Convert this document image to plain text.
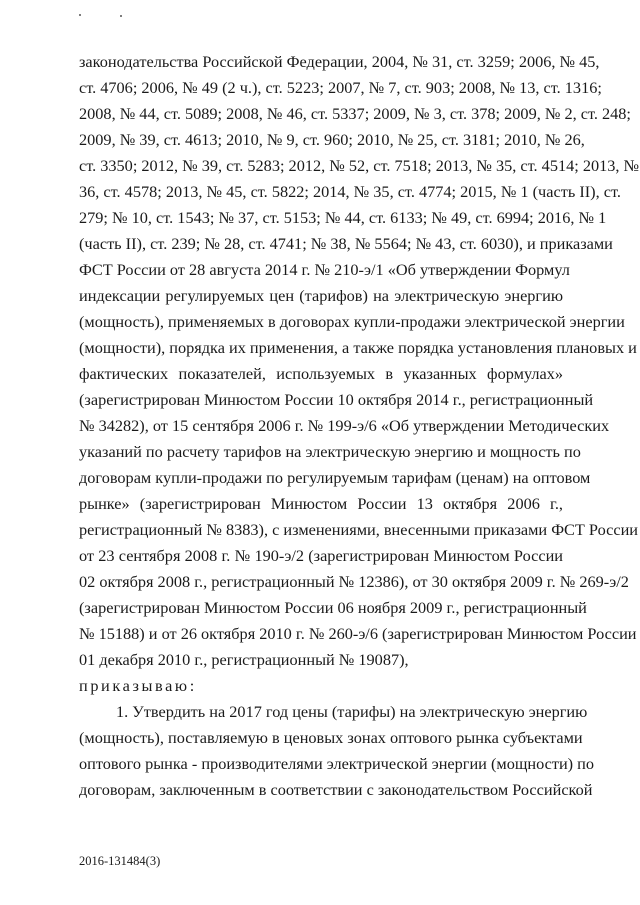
законодательства Российской Федерации, 2004, № 31, ст. 3259; 2006, № 45,
ст. 4706; 2006, № 49 (2 ч.), ст. 5223; 2007, № 7, ст. 903; 2008, № 13, ст. 1316;
2008, № 44, ст. 5089; 2008, № 46, ст. 5337; 2009, № 3, ст. 378; 2009, № 2, ст. 248;
2009, № 39, ст. 4613; 2010, № 9, ст. 960; 2010, № 25, ст. 3181; 2010, № 26,
ст. 3350; 2012, № 39, ст. 5283; 2012, № 52, ст. 7518; 2013, № 35, ст. 4514; 2013, №
36, ст. 4578; 2013, № 45, ст. 5822; 2014, № 35, ст. 4774; 2015, № 1 (часть II), ст.
279; № 10, ст. 1543; № 37, ст. 5153; № 44, ст. 6133; № 49, ст. 6994; 2016, № 1
(часть II), ст. 239; № 28, ст. 4741; № 38, № 5564; № 43, ст. 6030), и приказами
ФСТ России от 28 августа 2014 г. № 210-э/1 «Об утверждении Формул
индексации регулируемых цен (тарифов) на электрическую энергию
(мощность), применяемых в договорах купли-продажи электрической энергии
(мощности), порядка их применения, а также порядка установления плановых и
фактических показателей, используемых в указанных формулах»
(зарегистрирован Минюстом России 10 октября 2014 г., регистрационный
№ 34282), от 15 сентября 2006 г. № 199-э/6 «Об утверждении Методических
указаний по расчету тарифов на электрическую энергию и мощность по
договорам купли-продажи по регулируемым тарифам (ценам) на оптовом
рынке» (зарегистрирован Минюстом России 13 октября 2006 г.,
регистрационный № 8383), с изменениями, внесенными приказами ФСТ России
от 23 сентября 2008 г. № 190-э/2 (зарегистрирован Минюстом России
02 октября 2008 г., регистрационный № 12386), от 30 октября 2009 г. № 269-э/2
(зарегистрирован Минюстом России 06 ноября 2009 г., регистрационный
№ 15188) и от 26 октября 2010 г. № 260-э/6 (зарегистрирован Минюстом России
01 декабря 2010 г., регистрационный № 19087),
приказываю:
1. Утвердить на 2017 год цены (тарифы) на электрическую энергию
(мощность), поставляемую в ценовых зонах оптового рынка субъектами
оптового рынка - производителями электрической энергии (мощности) по
договорам, заключенным в соответствии с законодательством Российской
2016-131484(3)
